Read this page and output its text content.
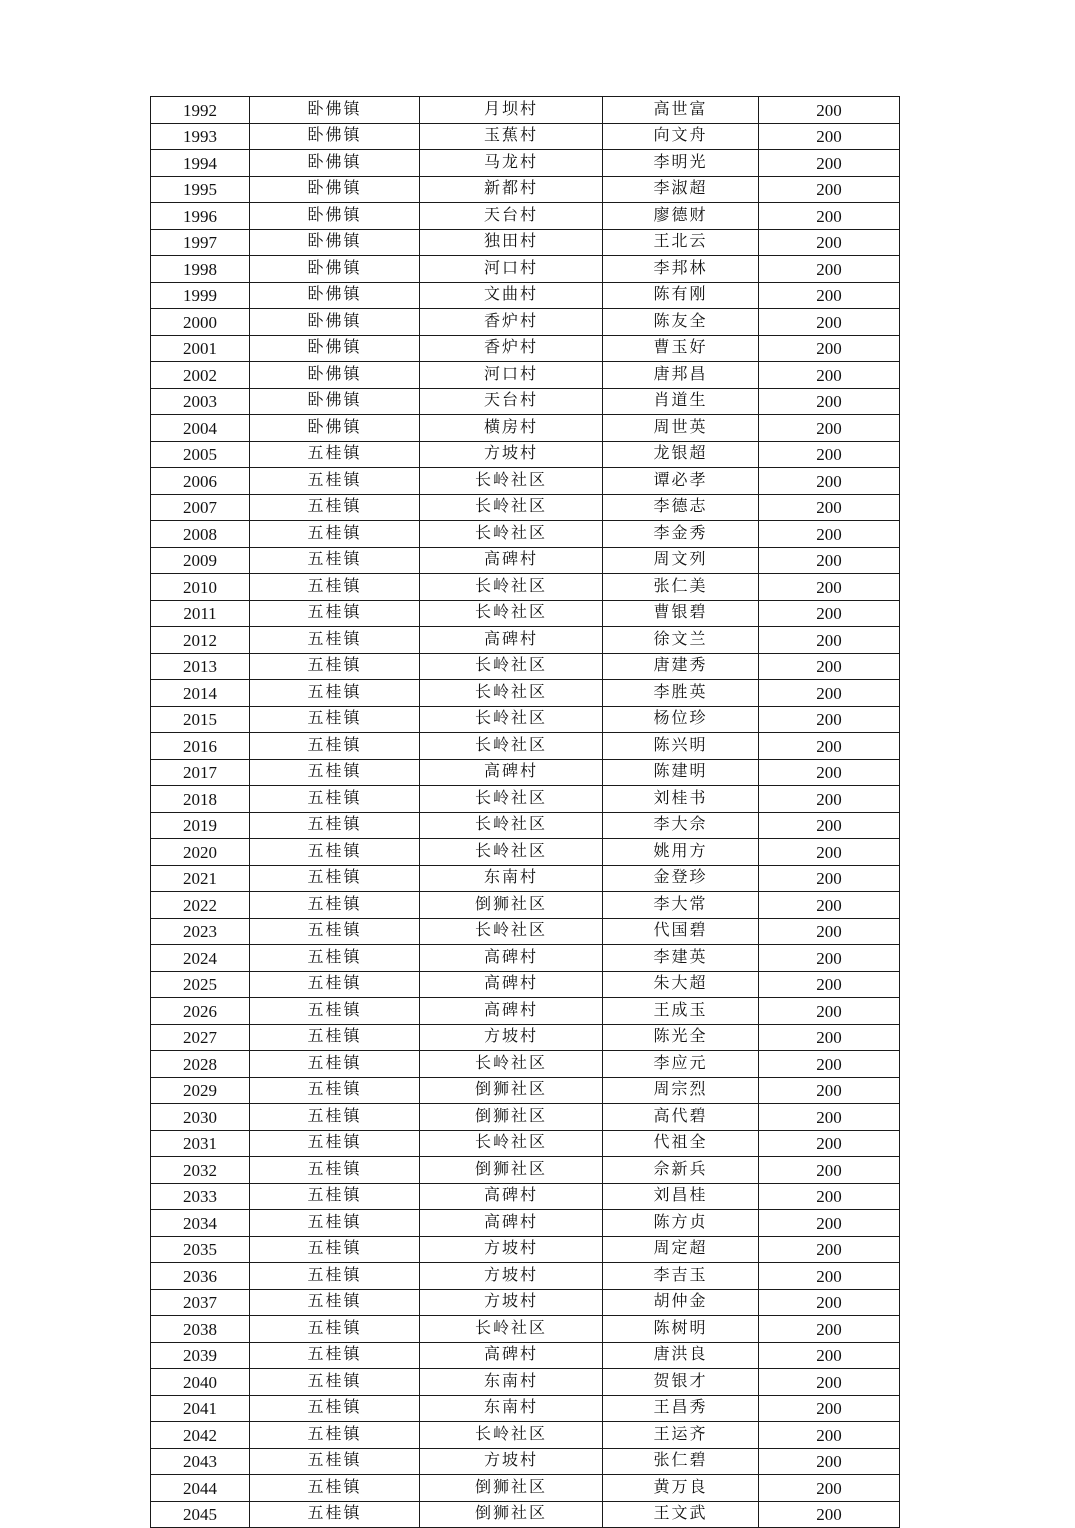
1992	卧佛镇	月坝村	高世富	200
1993	卧佛镇	玉蕉村	向文舟	200
1994	卧佛镇	马龙村	李明光	200
1995	卧佛镇	新都村	李淑超	200
1996	卧佛镇	天台村	廖德财	200
1997	卧佛镇	独田村	王北云	200
1998	卧佛镇	河口村	李邦林	200
1999	卧佛镇	文曲村	陈有刚	200
2000	卧佛镇	香炉村	陈友全	200
2001	卧佛镇	香炉村	曹玉好	200
2002	卧佛镇	河口村	唐邦昌	200
2003	卧佛镇	天台村	肖道生	200
2004	卧佛镇	横房村	周世英	200
2005	五桂镇	方坡村	龙银超	200
2006	五桂镇	长岭社区	谭必孝	200
2007	五桂镇	长岭社区	李德志	200
2008	五桂镇	长岭社区	李金秀	200
2009	五桂镇	高碑村	周文列	200
2010	五桂镇	长岭社区	张仁美	200
2011	五桂镇	长岭社区	曹银碧	200
2012	五桂镇	高碑村	徐文兰	200
2013	五桂镇	长岭社区	唐建秀	200
2014	五桂镇	长岭社区	李胜英	200
2015	五桂镇	长岭社区	杨位珍	200
2016	五桂镇	长岭社区	陈兴明	200
2017	五桂镇	高碑村	陈建明	200
2018	五桂镇	长岭社区	刘桂书	200
2019	五桂镇	长岭社区	李大佘	200
2020	五桂镇	长岭社区	姚用方	200
2021	五桂镇	东南村	金登珍	200
2022	五桂镇	倒狮社区	李大常	200
2023	五桂镇	长岭社区	代国碧	200
2024	五桂镇	高碑村	李建英	200
2025	五桂镇	高碑村	朱大超	200
2026	五桂镇	高碑村	王成玉	200
2027	五桂镇	方坡村	陈光全	200
2028	五桂镇	长岭社区	李应元	200
2029	五桂镇	倒狮社区	周宗烈	200
2030	五桂镇	倒狮社区	高代碧	200
2031	五桂镇	长岭社区	代祖全	200
2032	五桂镇	倒狮社区	佘新兵	200
2033	五桂镇	高碑村	刘昌桂	200
2034	五桂镇	高碑村	陈方贞	200
2035	五桂镇	方坡村	周定超	200
2036	五桂镇	方坡村	李吉玉	200
2037	五桂镇	方坡村	胡仲金	200
2038	五桂镇	长岭社区	陈树明	200
2039	五桂镇	高碑村	唐洪良	200
2040	五桂镇	东南村	贺银才	200
2041	五桂镇	东南村	王昌秀	200
2042	五桂镇	长岭社区	王运齐	200
2043	五桂镇	方坡村	张仁碧	200
2044	五桂镇	倒狮社区	黄万良	200
2045	五桂镇	倒狮社区	王文武	200
